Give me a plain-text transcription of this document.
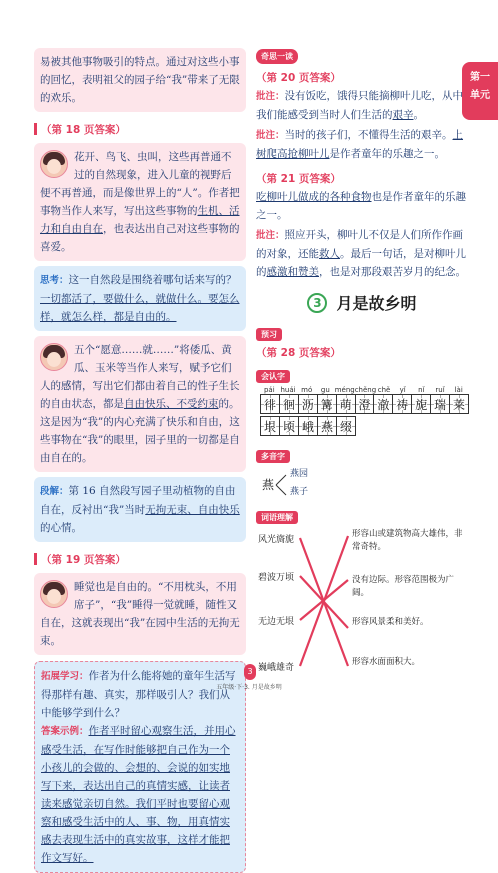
第一
单元
易被其他事物吸引的特点。通过对这些小事的回忆，表明祖父的园子给“我”带来了无限的欢乐。
（第 18 页答案）
花开、鸟飞、虫叫，这些再普通不过的自然现象，进入儿童的视野后便不再普通，而是像世界上的“人”。作者把事物当作人来写，写出这些事物的生机、活力和自由自在，也表达出自己对这些事物的喜爱。
思考：这一自然段是围绕着哪句话来写的？
一切都活了，要做什么，就做什么。要怎么样，就怎么样，都是自由的。
五个“愿意……就……”将倭瓜、黄瓜、玉米等当作人来写，赋予它们人的感情，写出它们都由着自己的性子生长的自由状态，都是自由快乐、不受约束的。这是因为“我”的内心充满了快乐和自由，这些事物在“我”的眼里，园子里的一切都是自由自在的。
段解：第 16 自然段写园子里动植物的自由自在，反衬出“我”当时无拘无束、自由快乐的心情。
（第 19 页答案）
睡觉也是自由的。“不用枕头，不用席子”，“我”睡得一觉就睡，随性又自在，这就表现出“我”在园中生活的无拘无束。
拓展学习：作者为什么能将她的童年生活写得那样有趣、真实，那样吸引人？我们从中能够学到什么？
答案示例：作者平时留心观察生活，并用心感受生活，在写作时能够把自己作为一个小孩儿的会做的、会想的、会说的如实地写下来，表达出自己的真情实感，让读者读来感觉亲切自然。我们平时也要留心观察和感受生活中的人、事、物，用真情实感去表现生活中的真实故事，这样才能把作文写好。
奇思一读
（第 20 页答案）
批注：没有饭吃，饿得只能摘柳叶儿吃，从中我们能感受到当时人们生活的艰辛。
批注：当时的孩子们，不懂得生活的艰辛。上树爬高抢柳叶儿是作者童年的乐趣之一。
（第 21 页答案）
吃柳叶儿做成的各种食物也是作者童年的乐趣之一。
批注：照应开头，柳叶儿不仅是人们所作作画的对象，还能救人。最后一句话，是对柳叶儿的感激和赞美，也是对那段艰苦岁月的纪念。
3 月是故乡明
预习
（第 28 页答案）
会认字
pái huái mó	gu méng chěng chě	yǐ	nǐ	ruǐ	lài
徘 徊 沥 篝 萌 澄 澈 祷 旎 瑞 莱
垠 顷 峨 燕 缀
多音字
燕
燕园
燕子
词语理解
风光旖旎
碧波万顷
无边无垠
巍峨雄奇
形容山或建筑物高大雄伟，非常奇特。
没有边际。形容范围极为广阔。
形容风景柔和美好。
形容水面面积大。
3
五年级·下·3. 月是故乡明
